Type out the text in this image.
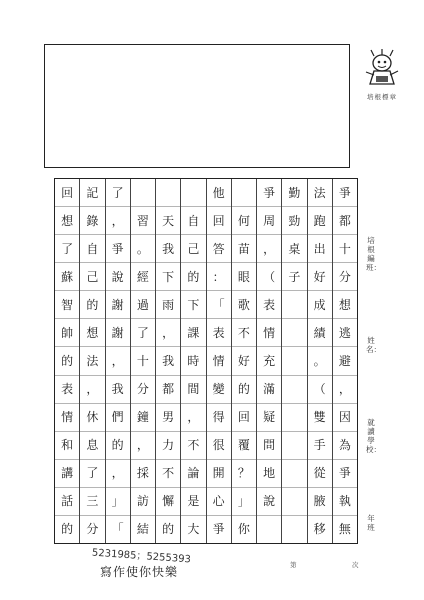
培根標章
培根編班：
姓名：
就讀學校：
年 班
爭
都
十
分
想
逃
避
，
因
為
爭
執
無
法
跑
出
好
成
績
。
（
雙
手
從
腋
移
勤
勁
桌
子
爭
周
，
（
表
情
充
滿
疑
問
地
說
何
苗
眼
歌
不
好
的
回
覆
？
」
你
他
回
答
：
「
表
情
變
得
很
開
心
爭
自
己
的
下
課
時
間
，
不
論
是
大
天
我
下
雨
，
我
都
男
力
不
懈
的
習
。
經
過
了
十
分
鐘
，
採
訪
結
了
，
爭
說
謝
謝
，
我
們
的
，
」
「
記
錄
自
己
的
想
法
，
休
息
了
三
分
回
想
了
蘇
智
帥
的
表
情
和
講
話
的
5231985；5255393
寫作使你快樂	第	次
